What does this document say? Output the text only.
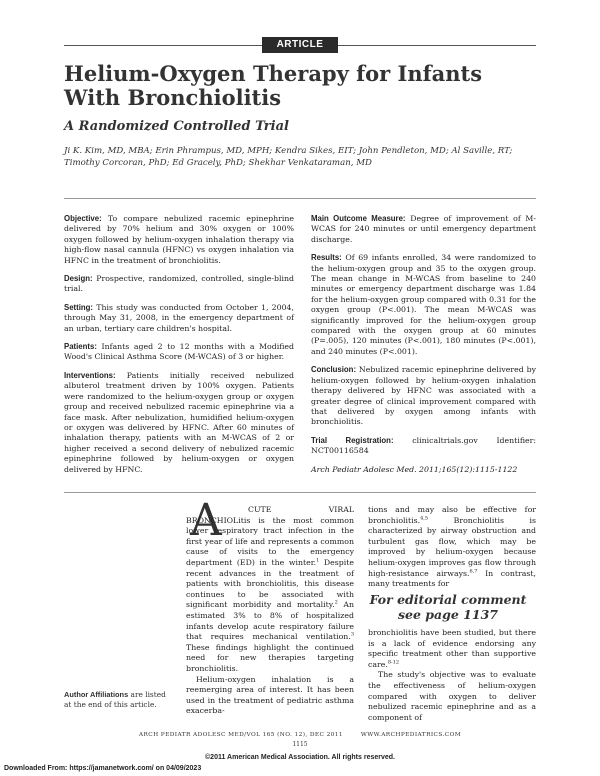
ARTICLE
Helium-Oxygen Therapy for Infants
With Bronchiolitis
A Randomized Controlled Trial
Ji K. Kim, MD, MBA; Erin Phrampus, MD, MPH; Kendra Sikes, EIT; John Pendleton, MD; Al Saville, RT;
Timothy Corcoran, PhD; Ed Gracely, PhD; Shekhar Venkataraman, MD

Objective: To compare nebulized racemic epinephrine delivered by 70% helium and 30% oxygen or 100% oxygen followed by helium-oxygen inhalation therapy via high-flow nasal cannula (HFNC) vs oxygen inhalation via HFNC in the treatment of bronchiolitis.

Design: Prospective, randomized, controlled, single-blind trial.

Setting: This study was conducted from October 1, 2004, through May 31, 2008, in the emergency department of an urban, tertiary care children's hospital.

Patients: Infants aged 2 to 12 months with a Modified Wood's Clinical Asthma Score (M-WCAS) of 3 or higher.

Interventions: Patients initially received nebulized albuterol treatment driven by 100% oxygen. Patients were randomized to the helium-oxygen group or oxygen group and received nebulized racemic epinephrine via a face mask. After nebulization, humidified helium-oxygen or oxygen was delivered by HFNC. After 60 minutes of inhalation therapy, patients with an M-WCAS of 2 or higher received a second delivery of nebulized racemic epinephrine followed by helium-oxygen or oxygen delivered by HFNC.

Main Outcome Measure: Degree of improvement of M-WCAS for 240 minutes or until emergency department discharge.

Results: Of 69 infants enrolled, 34 were randomized to the helium-oxygen group and 35 to the oxygen group. The mean change in M-WCAS from baseline to 240 minutes or emergency department discharge was 1.84 for the helium-oxygen group compared with 0.31 for the oxygen group (P<.001). The mean M-WCAS was significantly improved for the helium-oxygen group compared with the oxygen group at 60 minutes (P=.005), 120 minutes (P<.001), 180 minutes (P<.001), and 240 minutes (P<.001).

Conclusion: Nebulized racemic epinephrine delivered by helium-oxygen followed by helium-oxygen inhalation therapy delivered by HFNC was associated with a greater degree of clinical improvement compared with that delivered by oxygen among infants with bronchiolitis.

Trial Registration: clinicaltrials.gov Identifier: NCT00116584

Arch Pediatr Adolesc Med. 2011;165(12):1115-1122

A	CUTE VIRAL BRONCHIOLitis is the most common lower respiratory tract infection in the first year of life and represents a common cause of visits to the emergency department (ED) in the winter.$^1$ Despite recent advances in the treatment of patients with bronchiolitis, this disease continues to be associated with significant morbidity and mortality.$^2$ An estimated 3% to 8% of hospitalized infants develop acute respiratory failure that requires mechanical ventilation.$^3$ These findings highlight the continued need for new therapies targeting bronchiolitis.
Helium-oxygen inhalation is a reemerging area of interest. It has been used in the treatment of pediatric asthma exacerba-
tions and may also be effective for bronchiolitis.$^{4,5}$	Bronchiolitis is characterized by airway obstruction and turbulent gas flow, which may be improved by helium-oxygen because helium-oxygen improves gas flow through high-resistance airways.$^{6,7}$ In contrast, many treatments for
For editorial comment
see page 1137
bronchiolitis have been studied, but there is a lack of evidence endorsing any specific treatment other than supportive care.$^{8-12}$
The study's objective was to evaluate the effectiveness of helium-oxygen compared with oxygen to deliver nebulized racemic epinephrine and as a component of
Author Affiliations are listed at the end of this article.
ARCH PEDIATR ADOLESC MED/VOL 165 (NO. 12), DEC 2011        WWW.ARCHPEDIATRICS.COM
1115
©2011 American Medical Association. All rights reserved.
Downloaded From: https://jamanetwork.com/ on 04/09/2023
